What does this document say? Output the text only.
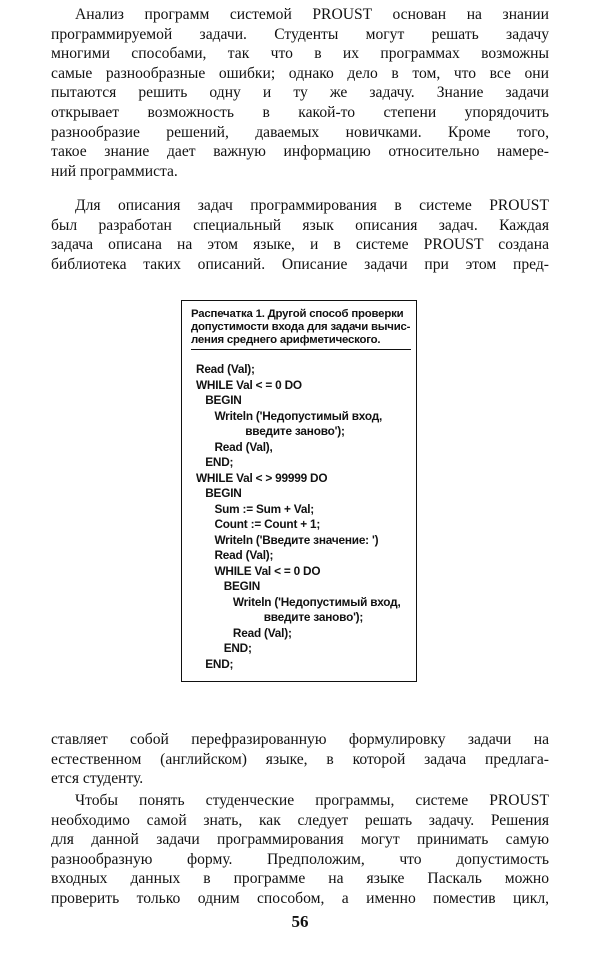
Анализ программ системой PROUST основан на знании
программируемой задачи. Студенты могут решать задачу
многими способами, так что в их программах возможны
самые разнообразные ошибки; однако дело в том, что все они
пытаются решить одну и ту же задачу. Знание задачи
открывает возможность в какой-то степени упорядочить
разнообразие решений, даваемых новичками. Кроме того,
такое знание дает важную информацию относительно намере-
ний программиста.
Для описания задач программирования в системе PROUST
был разработан специальный язык описания задач. Каждая
задача описана на этом языке, и в системе PROUST создана
библиотека таких описаний. Описание задачи при этом пред-
Распечатка 1. Другой способ проверки допустимости входа для задачи вычис-ления среднего арифметического.
Read (Val);
WHILE Val < = 0 DO
BEGIN
Writeln ('Недопустимый вход,
введите заново');
Read (Val),
END;
WHILE Val < > 99999 DO
BEGIN
Sum := Sum + Val;
Count := Count + 1;
Writeln ('Введите значение: ')
Read (Val);
WHILE Val < = 0 DO
BEGIN
Writeln ('Недопустимый вход,
введите заново');
Read (Val);
END;
END;
ставляет собой перефразированную формулировку задачи на
естественном (английском) языке, в которой задача предлага-
ется студенту.
Чтобы понять студенческие программы, системе PROUST
необходимо самой знать, как следует решать задачу. Решения
для данной задачи программирования могут принимать самую
разнообразную форму. Предположим, что допустимость
входных данных в программе на языке Паскаль можно
проверить только одним способом, а именно поместив цикл,
56
